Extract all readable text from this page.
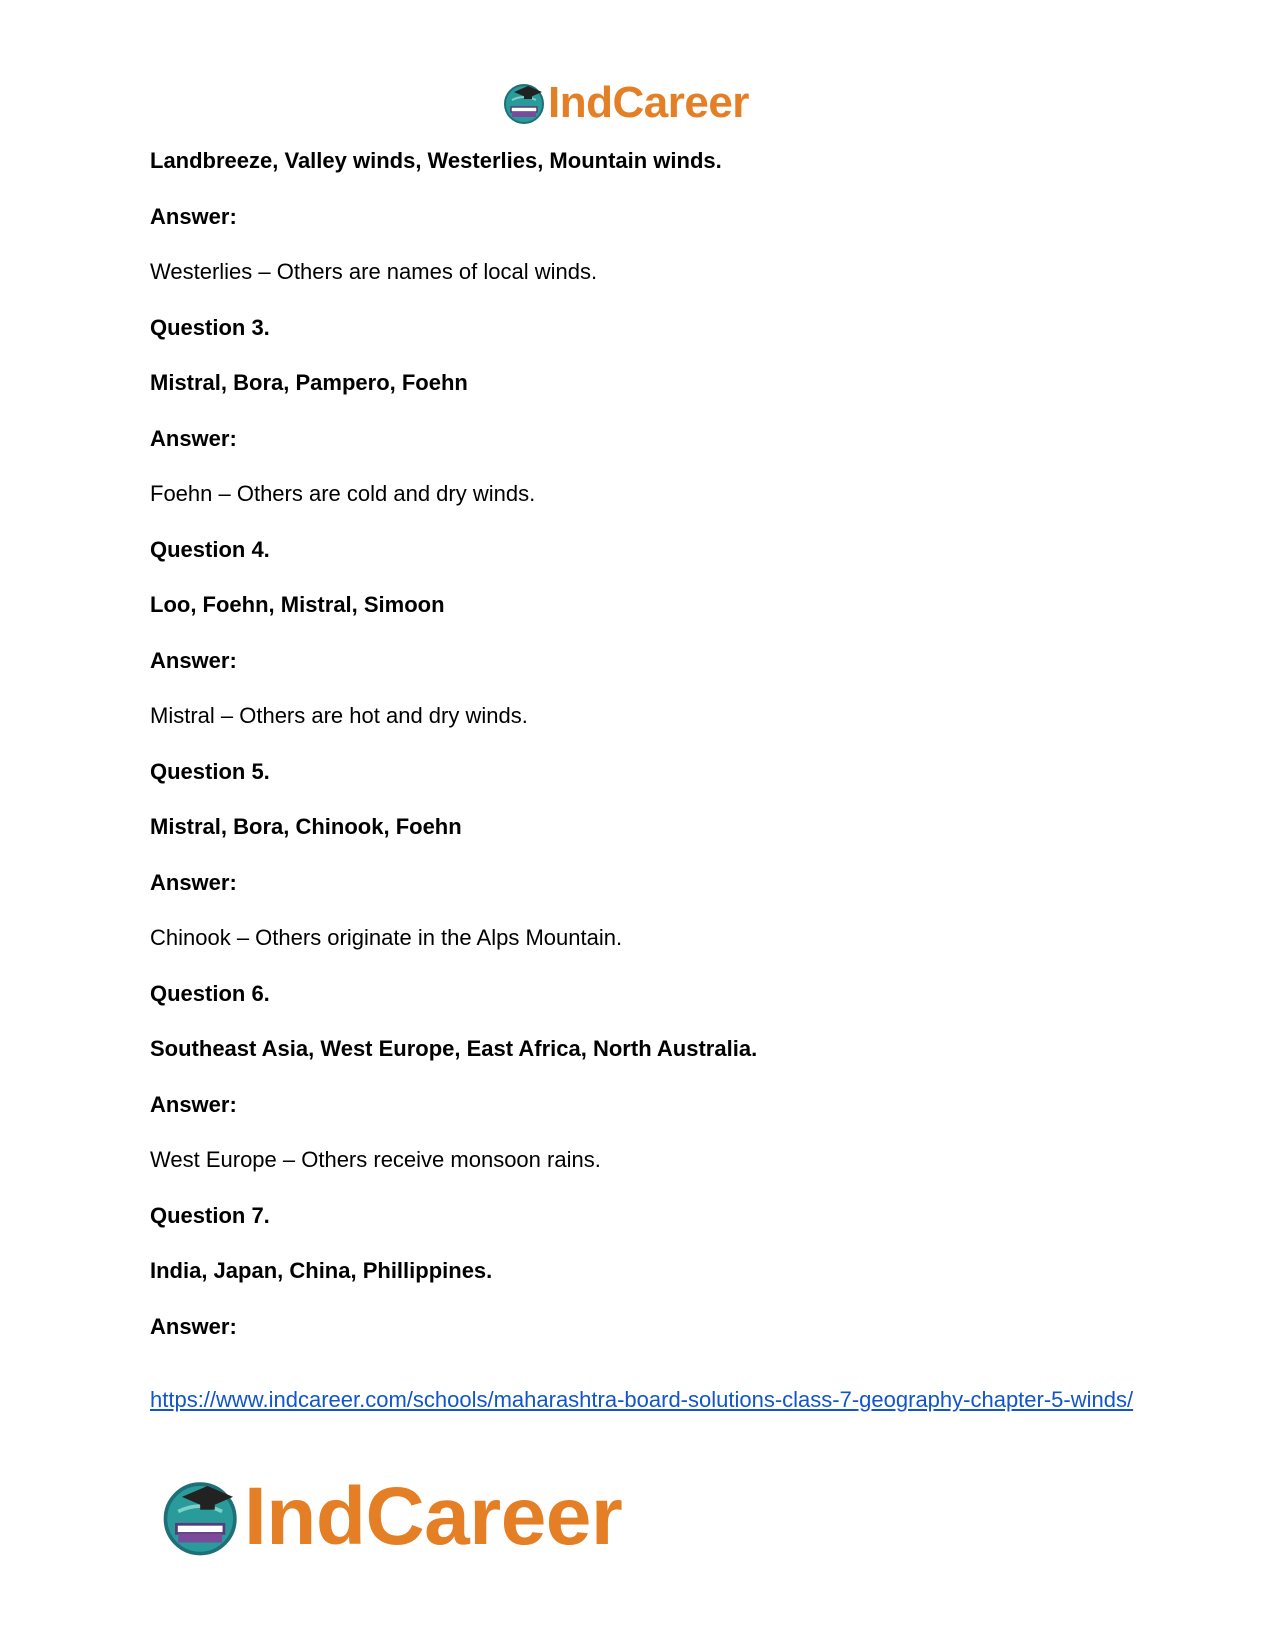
IndCareer
Landbreeze, Valley winds, Westerlies, Mountain winds.
Answer:
Westerlies – Others are names of local winds.
Question 3.
Mistral, Bora, Pampero, Foehn
Answer:
Foehn – Others are cold and dry winds.
Question 4.
Loo, Foehn, Mistral, Simoon
Answer:
Mistral – Others are hot and dry winds.
Question 5.
Mistral, Bora, Chinook, Foehn
Answer:
Chinook – Others originate in the Alps Mountain.
Question 6.
Southeast Asia, West Europe, East Africa, North Australia.
Answer:
West Europe – Others receive monsoon rains.
Question 7.
India, Japan, China, Phillippines.
Answer:
https://www.indcareer.com/schools/maharashtra-board-solutions-class-7-geography-chapter-5-winds/
IndCareer
